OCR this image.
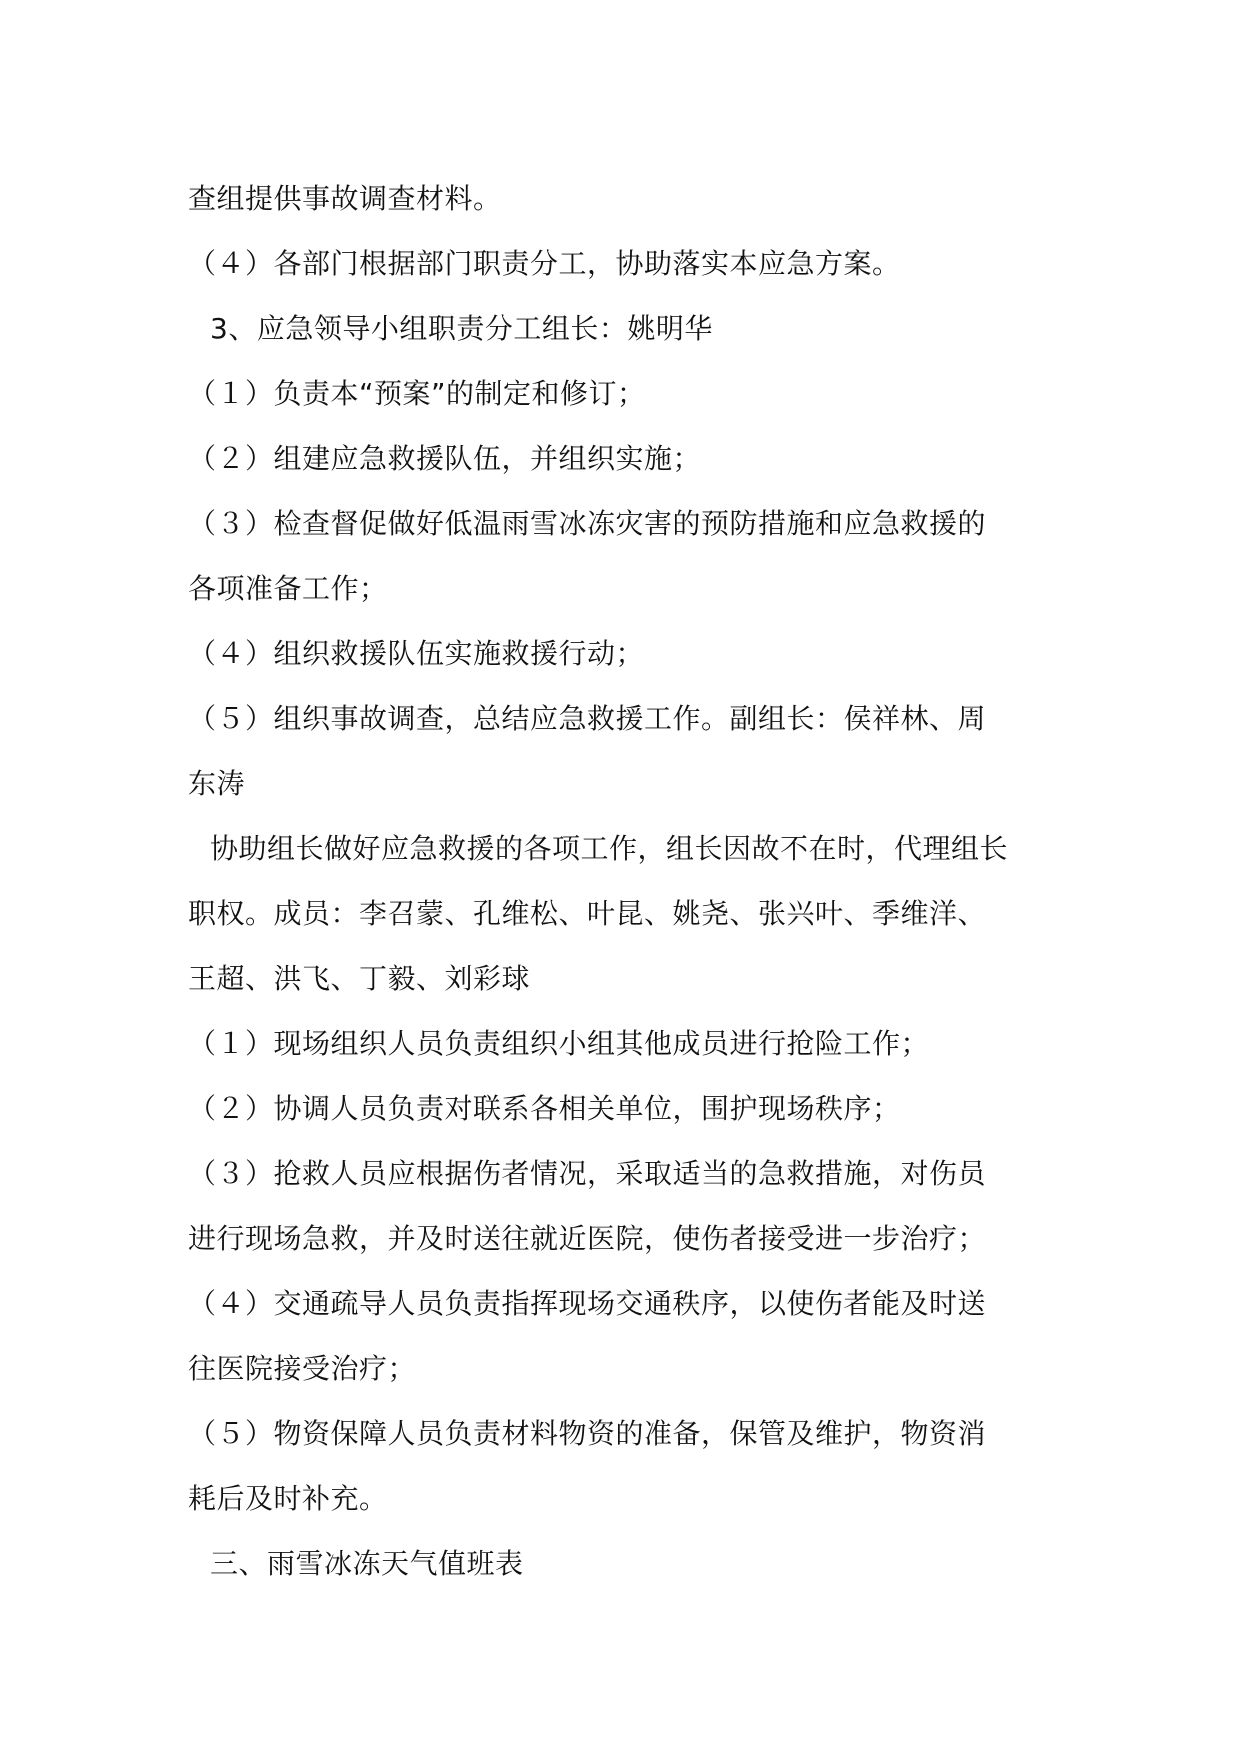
查组提供事故调查材料。
（４）各部门根据部门职责分工，协助落实本应急方案。
3、应急领导小组职责分工组长：姚明华
（１）负责本“预案”的制定和修订；
（２）组建应急救援队伍，并组织实施；
（３）检查督促做好低温雨雪冰冻灾害的预防措施和应急救援的
各项准备工作；
（４）组织救援队伍实施救援行动；
（５）组织事故调查，总结应急救援工作。副组长：侯祥林、周
东涛
协助组长做好应急救援的各项工作，组长因故不在时，代理组长
职权。成员：李召蒙、孔维松、叶昆、姚尧、张兴叶、季维洋、
王超、洪飞、丁毅、刘彩球
（１）现场组织人员负责组织小组其他成员进行抢险工作；
（２）协调人员负责对联系各相关单位，围护现场秩序；
（３）抢救人员应根据伤者情况，采取适当的急救措施，对伤员
进行现场急救，并及时送往就近医院，使伤者接受进一步治疗；
（４）交通疏导人员负责指挥现场交通秩序，以使伤者能及时送
往医院接受治疗；
（５）物资保障人员负责材料物资的准备，保管及维护，物资消
耗后及时补充。
三、雨雪冰冻天气值班表
